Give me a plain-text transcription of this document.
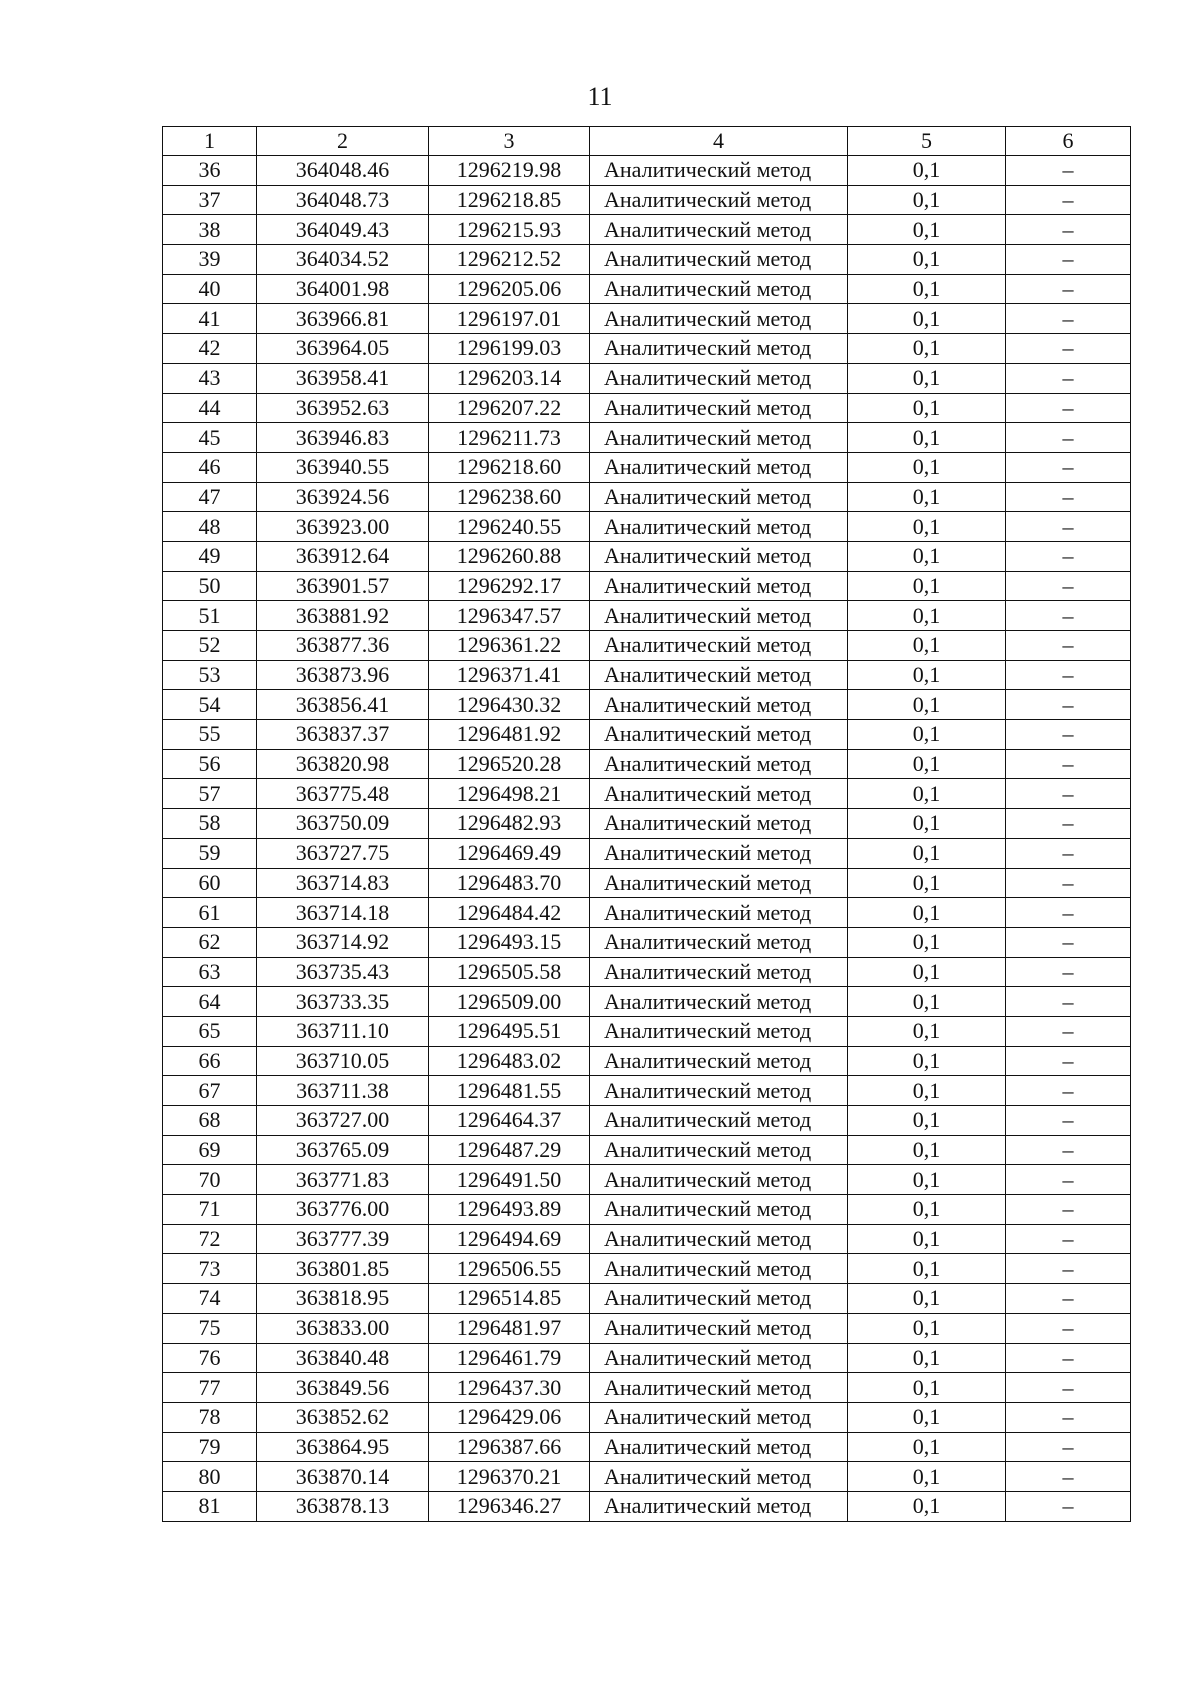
11
1	2	3	4	5	6
36	364048.46	1296219.98	Аналитический метод	0,1	–
37	364048.73	1296218.85	Аналитический метод	0,1	–
38	364049.43	1296215.93	Аналитический метод	0,1	–
39	364034.52	1296212.52	Аналитический метод	0,1	–
40	364001.98	1296205.06	Аналитический метод	0,1	–
41	363966.81	1296197.01	Аналитический метод	0,1	–
42	363964.05	1296199.03	Аналитический метод	0,1	–
43	363958.41	1296203.14	Аналитический метод	0,1	–
44	363952.63	1296207.22	Аналитический метод	0,1	–
45	363946.83	1296211.73	Аналитический метод	0,1	–
46	363940.55	1296218.60	Аналитический метод	0,1	–
47	363924.56	1296238.60	Аналитический метод	0,1	–
48	363923.00	1296240.55	Аналитический метод	0,1	–
49	363912.64	1296260.88	Аналитический метод	0,1	–
50	363901.57	1296292.17	Аналитический метод	0,1	–
51	363881.92	1296347.57	Аналитический метод	0,1	–
52	363877.36	1296361.22	Аналитический метод	0,1	–
53	363873.96	1296371.41	Аналитический метод	0,1	–
54	363856.41	1296430.32	Аналитический метод	0,1	–
55	363837.37	1296481.92	Аналитический метод	0,1	–
56	363820.98	1296520.28	Аналитический метод	0,1	–
57	363775.48	1296498.21	Аналитический метод	0,1	–
58	363750.09	1296482.93	Аналитический метод	0,1	–
59	363727.75	1296469.49	Аналитический метод	0,1	–
60	363714.83	1296483.70	Аналитический метод	0,1	–
61	363714.18	1296484.42	Аналитический метод	0,1	–
62	363714.92	1296493.15	Аналитический метод	0,1	–
63	363735.43	1296505.58	Аналитический метод	0,1	–
64	363733.35	1296509.00	Аналитический метод	0,1	–
65	363711.10	1296495.51	Аналитический метод	0,1	–
66	363710.05	1296483.02	Аналитический метод	0,1	–
67	363711.38	1296481.55	Аналитический метод	0,1	–
68	363727.00	1296464.37	Аналитический метод	0,1	–
69	363765.09	1296487.29	Аналитический метод	0,1	–
70	363771.83	1296491.50	Аналитический метод	0,1	–
71	363776.00	1296493.89	Аналитический метод	0,1	–
72	363777.39	1296494.69	Аналитический метод	0,1	–
73	363801.85	1296506.55	Аналитический метод	0,1	–
74	363818.95	1296514.85	Аналитический метод	0,1	–
75	363833.00	1296481.97	Аналитический метод	0,1	–
76	363840.48	1296461.79	Аналитический метод	0,1	–
77	363849.56	1296437.30	Аналитический метод	0,1	–
78	363852.62	1296429.06	Аналитический метод	0,1	–
79	363864.95	1296387.66	Аналитический метод	0,1	–
80	363870.14	1296370.21	Аналитический метод	0,1	–
81	363878.13	1296346.27	Аналитический метод	0,1	–
